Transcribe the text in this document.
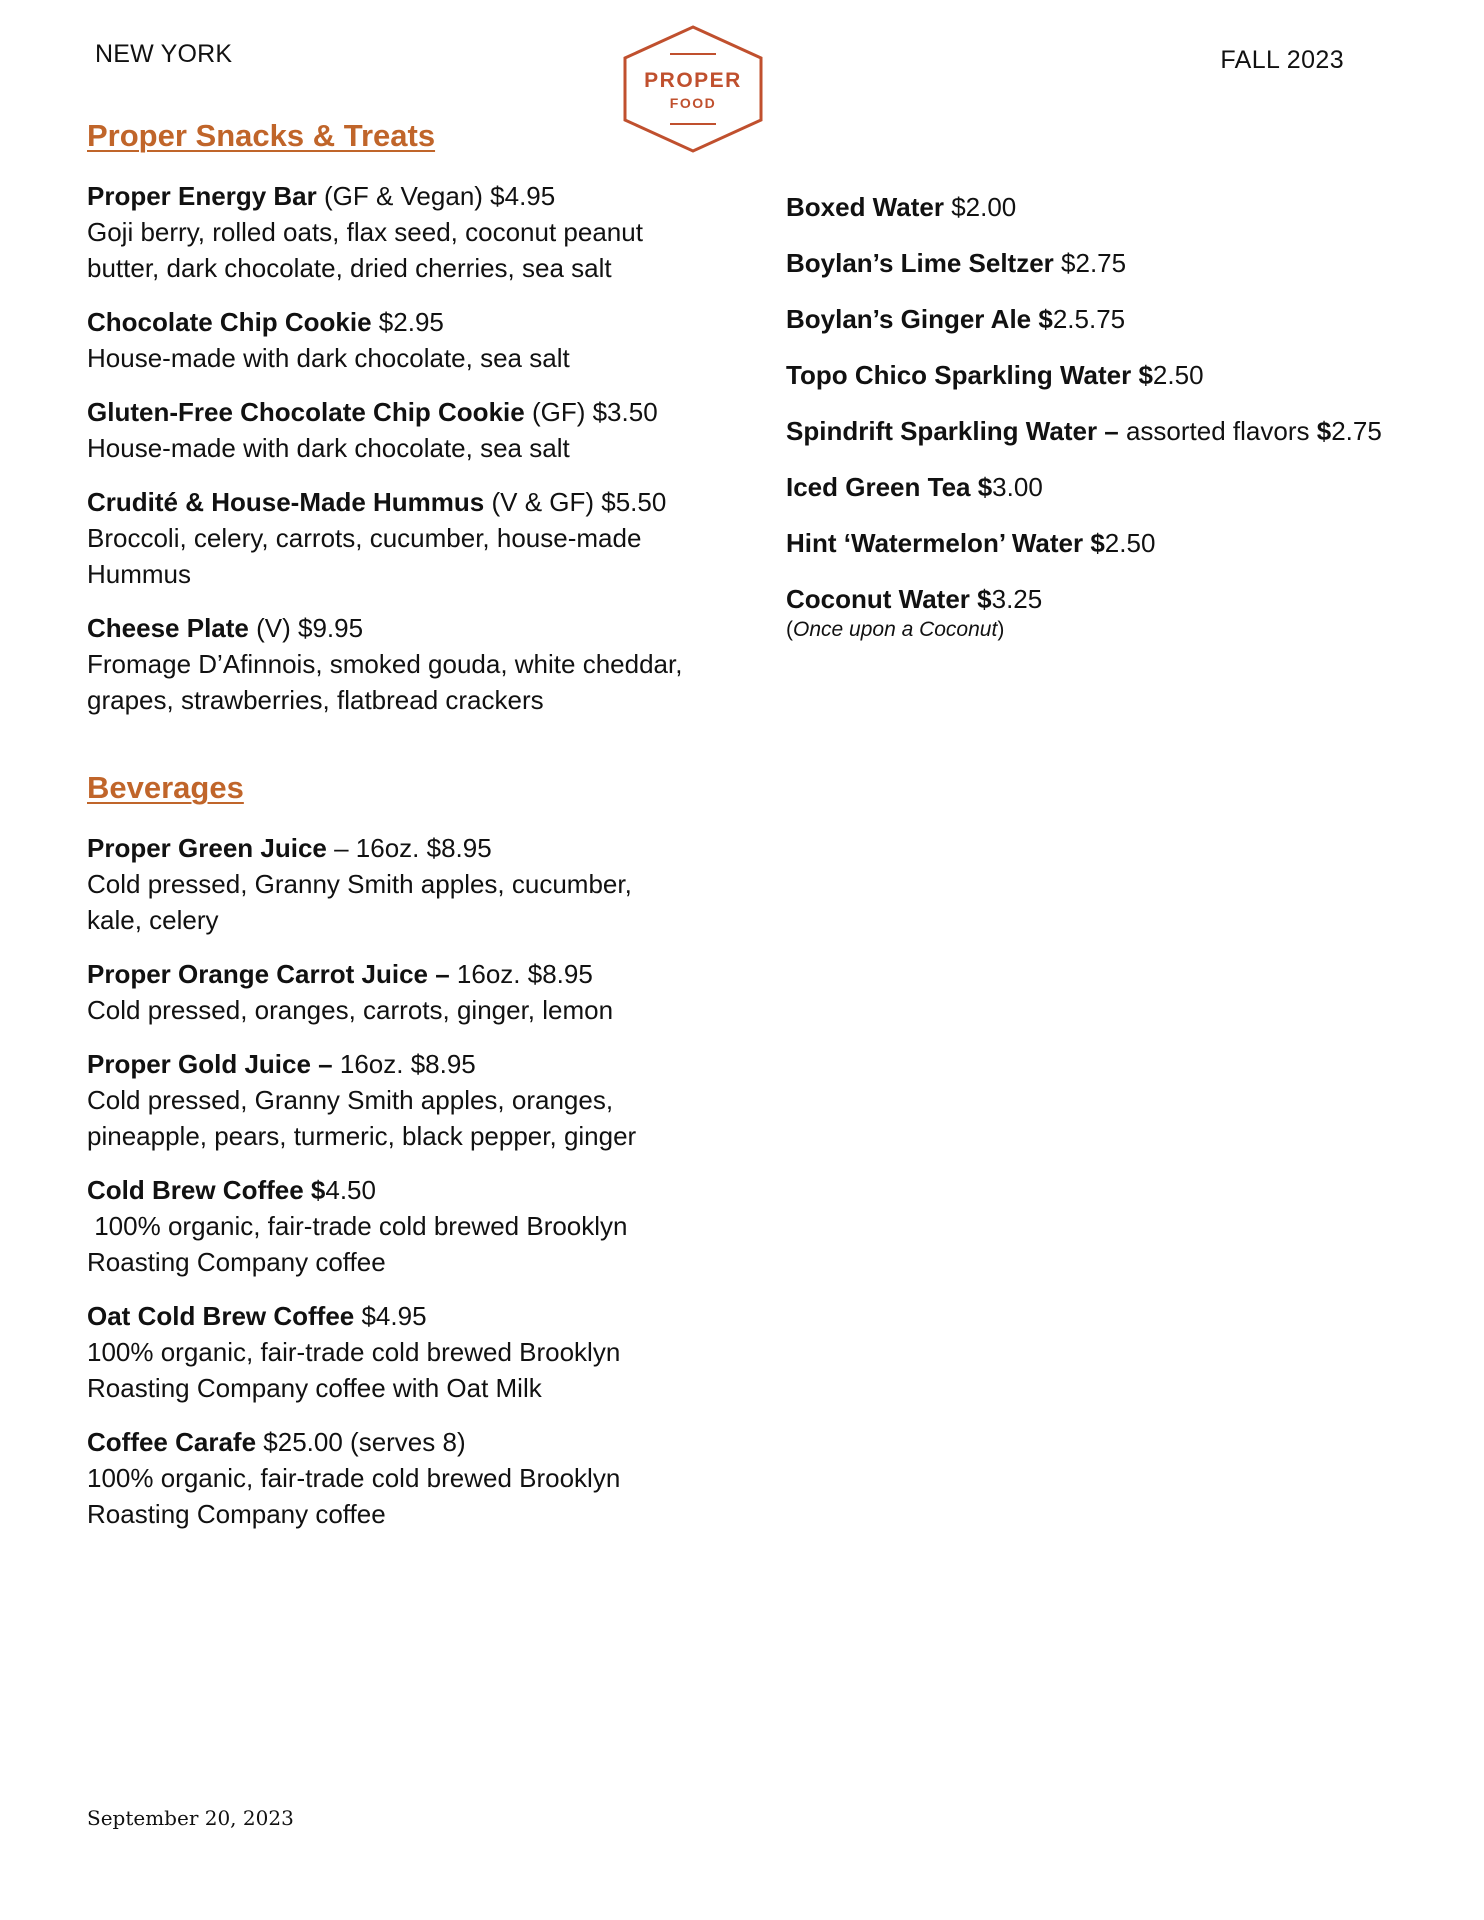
NEW YORK
PROPER
FOOD
FALL 2023
Proper Snacks & Treats
Proper Energy Bar (GF & Vegan) $4.95
Goji berry, rolled oats, flax seed, coconut peanut
butter, dark chocolate, dried cherries, sea salt
Chocolate Chip Cookie $2.95
House-made with dark chocolate, sea salt
Gluten-Free Chocolate Chip Cookie (GF) $3.50
House-made with dark chocolate, sea salt
Crudité & House-Made Hummus (V & GF) $5.50
Broccoli, celery, carrots, cucumber, house-made
Hummus
Cheese Plate (V) $9.95
Fromage D’Afinnois, smoked gouda, white cheddar,
grapes, strawberries, flatbread crackers
Beverages
Proper Green Juice – 16oz. $8.95
Cold pressed, Granny Smith apples, cucumber,
kale, celery
Proper Orange Carrot Juice – 16oz. $8.95
Cold pressed, oranges, carrots, ginger, lemon
Proper Gold Juice – 16oz. $8.95
Cold pressed, Granny Smith apples, oranges,
pineapple, pears, turmeric, black pepper, ginger
Cold Brew Coffee $4.50
100% organic, fair-trade cold brewed Brooklyn
Roasting Company coffee
Oat Cold Brew Coffee $4.95
100% organic, fair-trade cold brewed Brooklyn
Roasting Company coffee with Oat Milk
Coffee Carafe $25.00 (serves 8)
100% organic, fair-trade cold brewed Brooklyn
Roasting Company coffee
Boxed Water $2.00
Boylan’s Lime Seltzer $2.75
Boylan’s Ginger Ale $2.5.75
Topo Chico Sparkling Water $2.50
Spindrift Sparkling Water – assorted flavors $2.75
Iced Green Tea $3.00
Hint ‘Watermelon’ Water $2.50
Coconut Water $3.25
(Once upon a Coconut)
September 20, 2023
